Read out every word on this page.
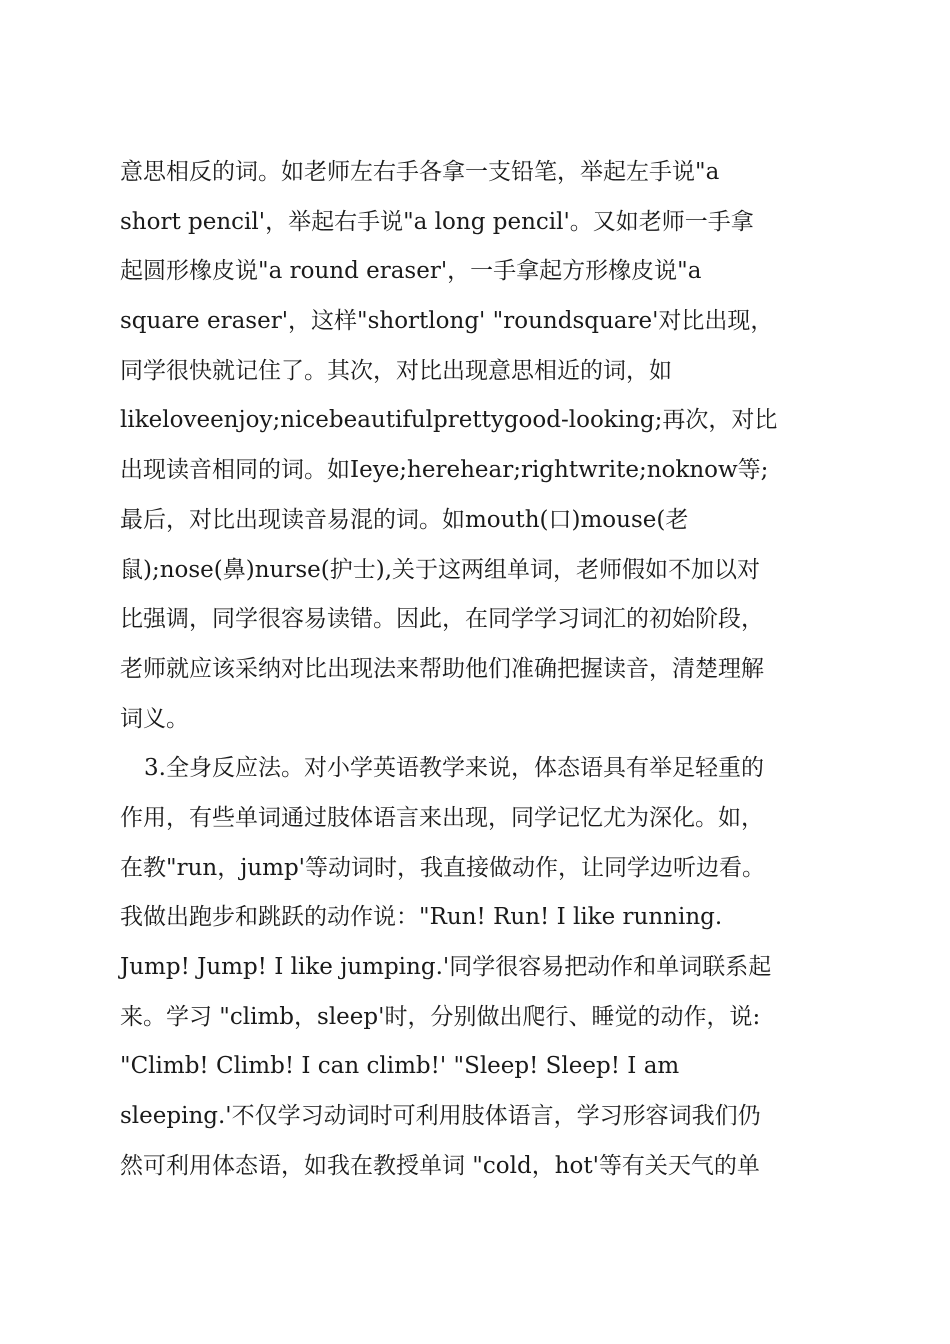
意思相反的词。如老师左右手各拿一支铅笔，举起左手说"a
short pencil'，举起右手说"a long pencil'。又如老师一手拿
起圆形橡皮说"a round eraser'，一手拿起方形橡皮说"a
square eraser'，这样"shortlong' "roundsquare'对比出现，
同学很快就记住了。其次，对比出现意思相近的词，如
likeloveenjoy;nicebeautifulprettygood-looking;再次，对比
出现读音相同的词。如Ieye;herehear;rightwrite;noknow等;
最后，对比出现读音易混的词。如mouth(口)mouse(老
鼠);nose(鼻)nurse(护士),关于这两组单词，老师假如不加以对
比强调，同学很容易读错。因此，在同学学习词汇的初始阶段，
老师就应该采纳对比出现法来帮助他们准确把握读音，清楚理解
词义。
3.全身反应法。对小学英语教学来说，体态语具有举足轻重的
作用，有些单词通过肢体语言来出现，同学记忆尤为深化。如，
在教"run，jump'等动词时，我直接做动作，让同学边听边看。
我做出跑步和跳跃的动作说："Run! Run! I like running.
Jump! Jump! I like jumping.'同学很容易把动作和单词联系起
来。学习 "climb，sleep'时，分别做出爬行、睡觉的动作，说:
"Climb! Climb! I can climb!' "Sleep! Sleep! I am
sleeping.'不仅学习动词时可利用肢体语言，学习形容词我们仍
然可利用体态语，如我在教授单词 "cold，hot'等有关天气的单
